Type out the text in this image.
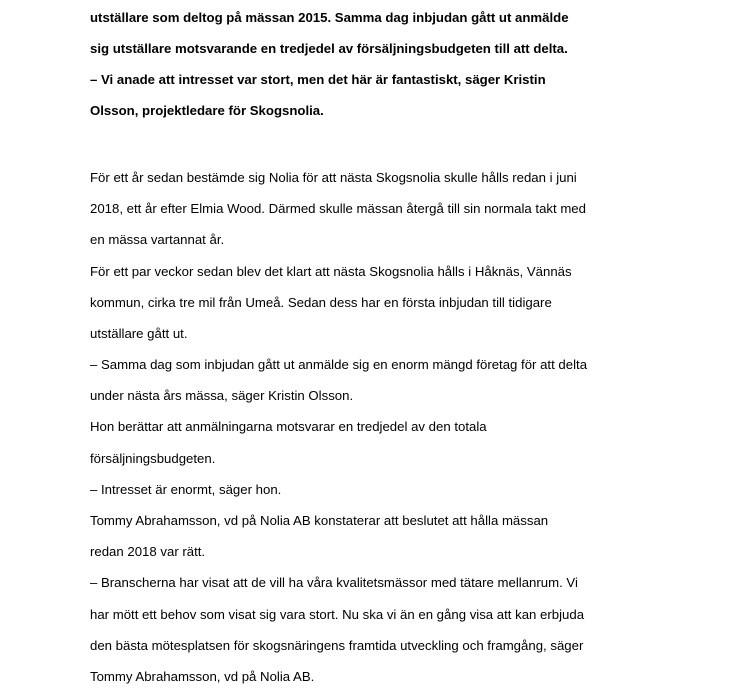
utställare som deltog på mässan 2015. Samma dag inbjudan gått ut anmälde

sig utställare motsvarande en tredjedel av försäljningsbudgeten till att delta.

– Vi anade att intresset var stort, men det här är fantastiskt, säger Kristin

Olsson, projektledare för Skogsnolia.

För ett år sedan bestämde sig Nolia för att nästa Skogsnolia skulle hålls redan i juni

2018, ett år efter Elmia Wood. Därmed skulle mässan återgå till sin normala takt med

en mässa vartannat år.

För ett par veckor sedan blev det klart att nästa Skogsnolia hålls i Håknäs, Vännäs

kommun, cirka tre mil från Umeå. Sedan dess har en första inbjudan till tidigare

utställare gått ut.

– Samma dag som inbjudan gått ut anmälde sig en enorm mängd företag för att delta

under nästa års mässa, säger Kristin Olsson.

Hon berättar att anmälningarna motsvarar en tredjedel av den totala

försäljningsbudgeten.

– Intresset är enormt, säger hon.

Tommy Abrahamsson, vd på Nolia AB konstaterar att beslutet att hålla mässan

redan 2018 var rätt.

– Branscherna har visat att de vill ha våra kvalitetsmässor med tätare mellanrum. Vi

har mött ett behov som visat sig vara stort. Nu ska vi än en gång visa att kan erbjuda

den bästa mötesplatsen för skogsnäringens framtida utveckling och framgång, säger

Tommy Abrahamsson, vd på Nolia AB.
